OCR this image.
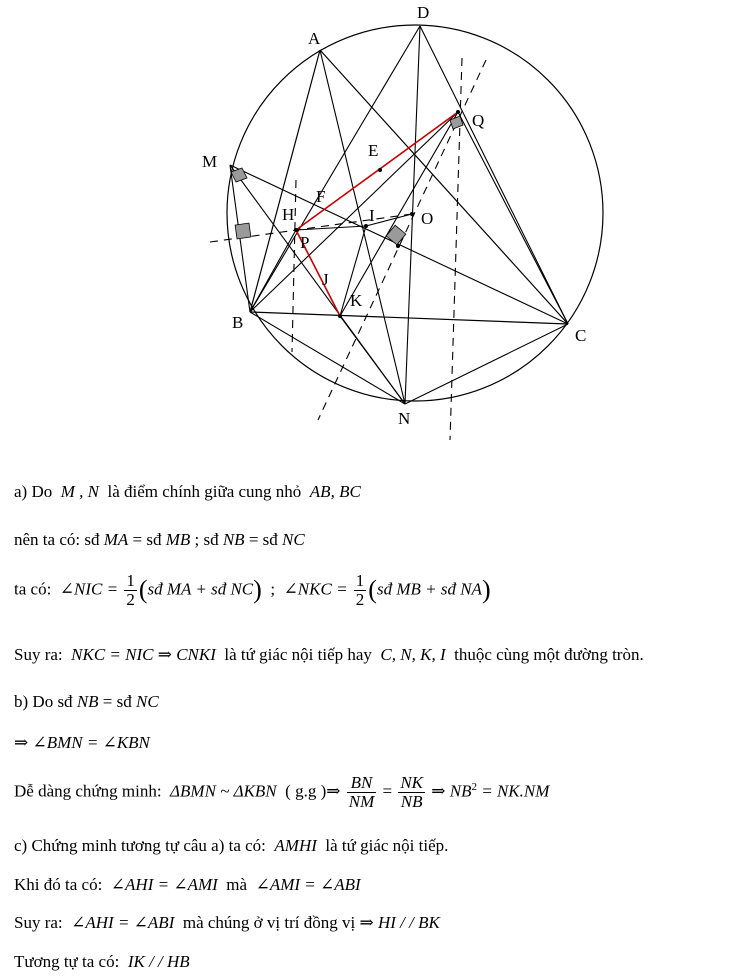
D
A
Q
E
M
F
H	I	O
P
J
K
B
C
N
a) Do M , N là điểm chính giữa cung nhỏ AB, BC
nên ta có: sđ MA = sđ MB ; sđ NB = sđ NC
ta có: ∠NIC = $\frac{1}{2}$ (sđ MA + sđ NC) ; ∠NKC = $\frac{1}{2}$ (sđ MB + sđ NA)
Suy ra: NKC = NIC ⇒ CNKI là tứ giác nội tiếp hay C, N, K, I thuộc cùng một đường tròn.
b) Do sđ NB = sđ NC
⇒ ∠BMN = ∠KBN
Dễ dàng chứng minh: ΔBMN ~ ΔKBN ( g.g )⇒ $\frac{BN}{NM} = \frac{NK}{NB}$ ⇒ $NB^2 = NK.NM$
c) Chứng minh tương tự câu a) ta có: AMHI là tứ giác nội tiếp.
Khi đó ta có: ∠AHI = ∠AMI mà ∠AMI = ∠ABI
Suy ra: ∠AHI = ∠ABI mà chúng ở vị trí đồng vị ⇒ HI / / BK
Tương tự ta có: IK / / HB
